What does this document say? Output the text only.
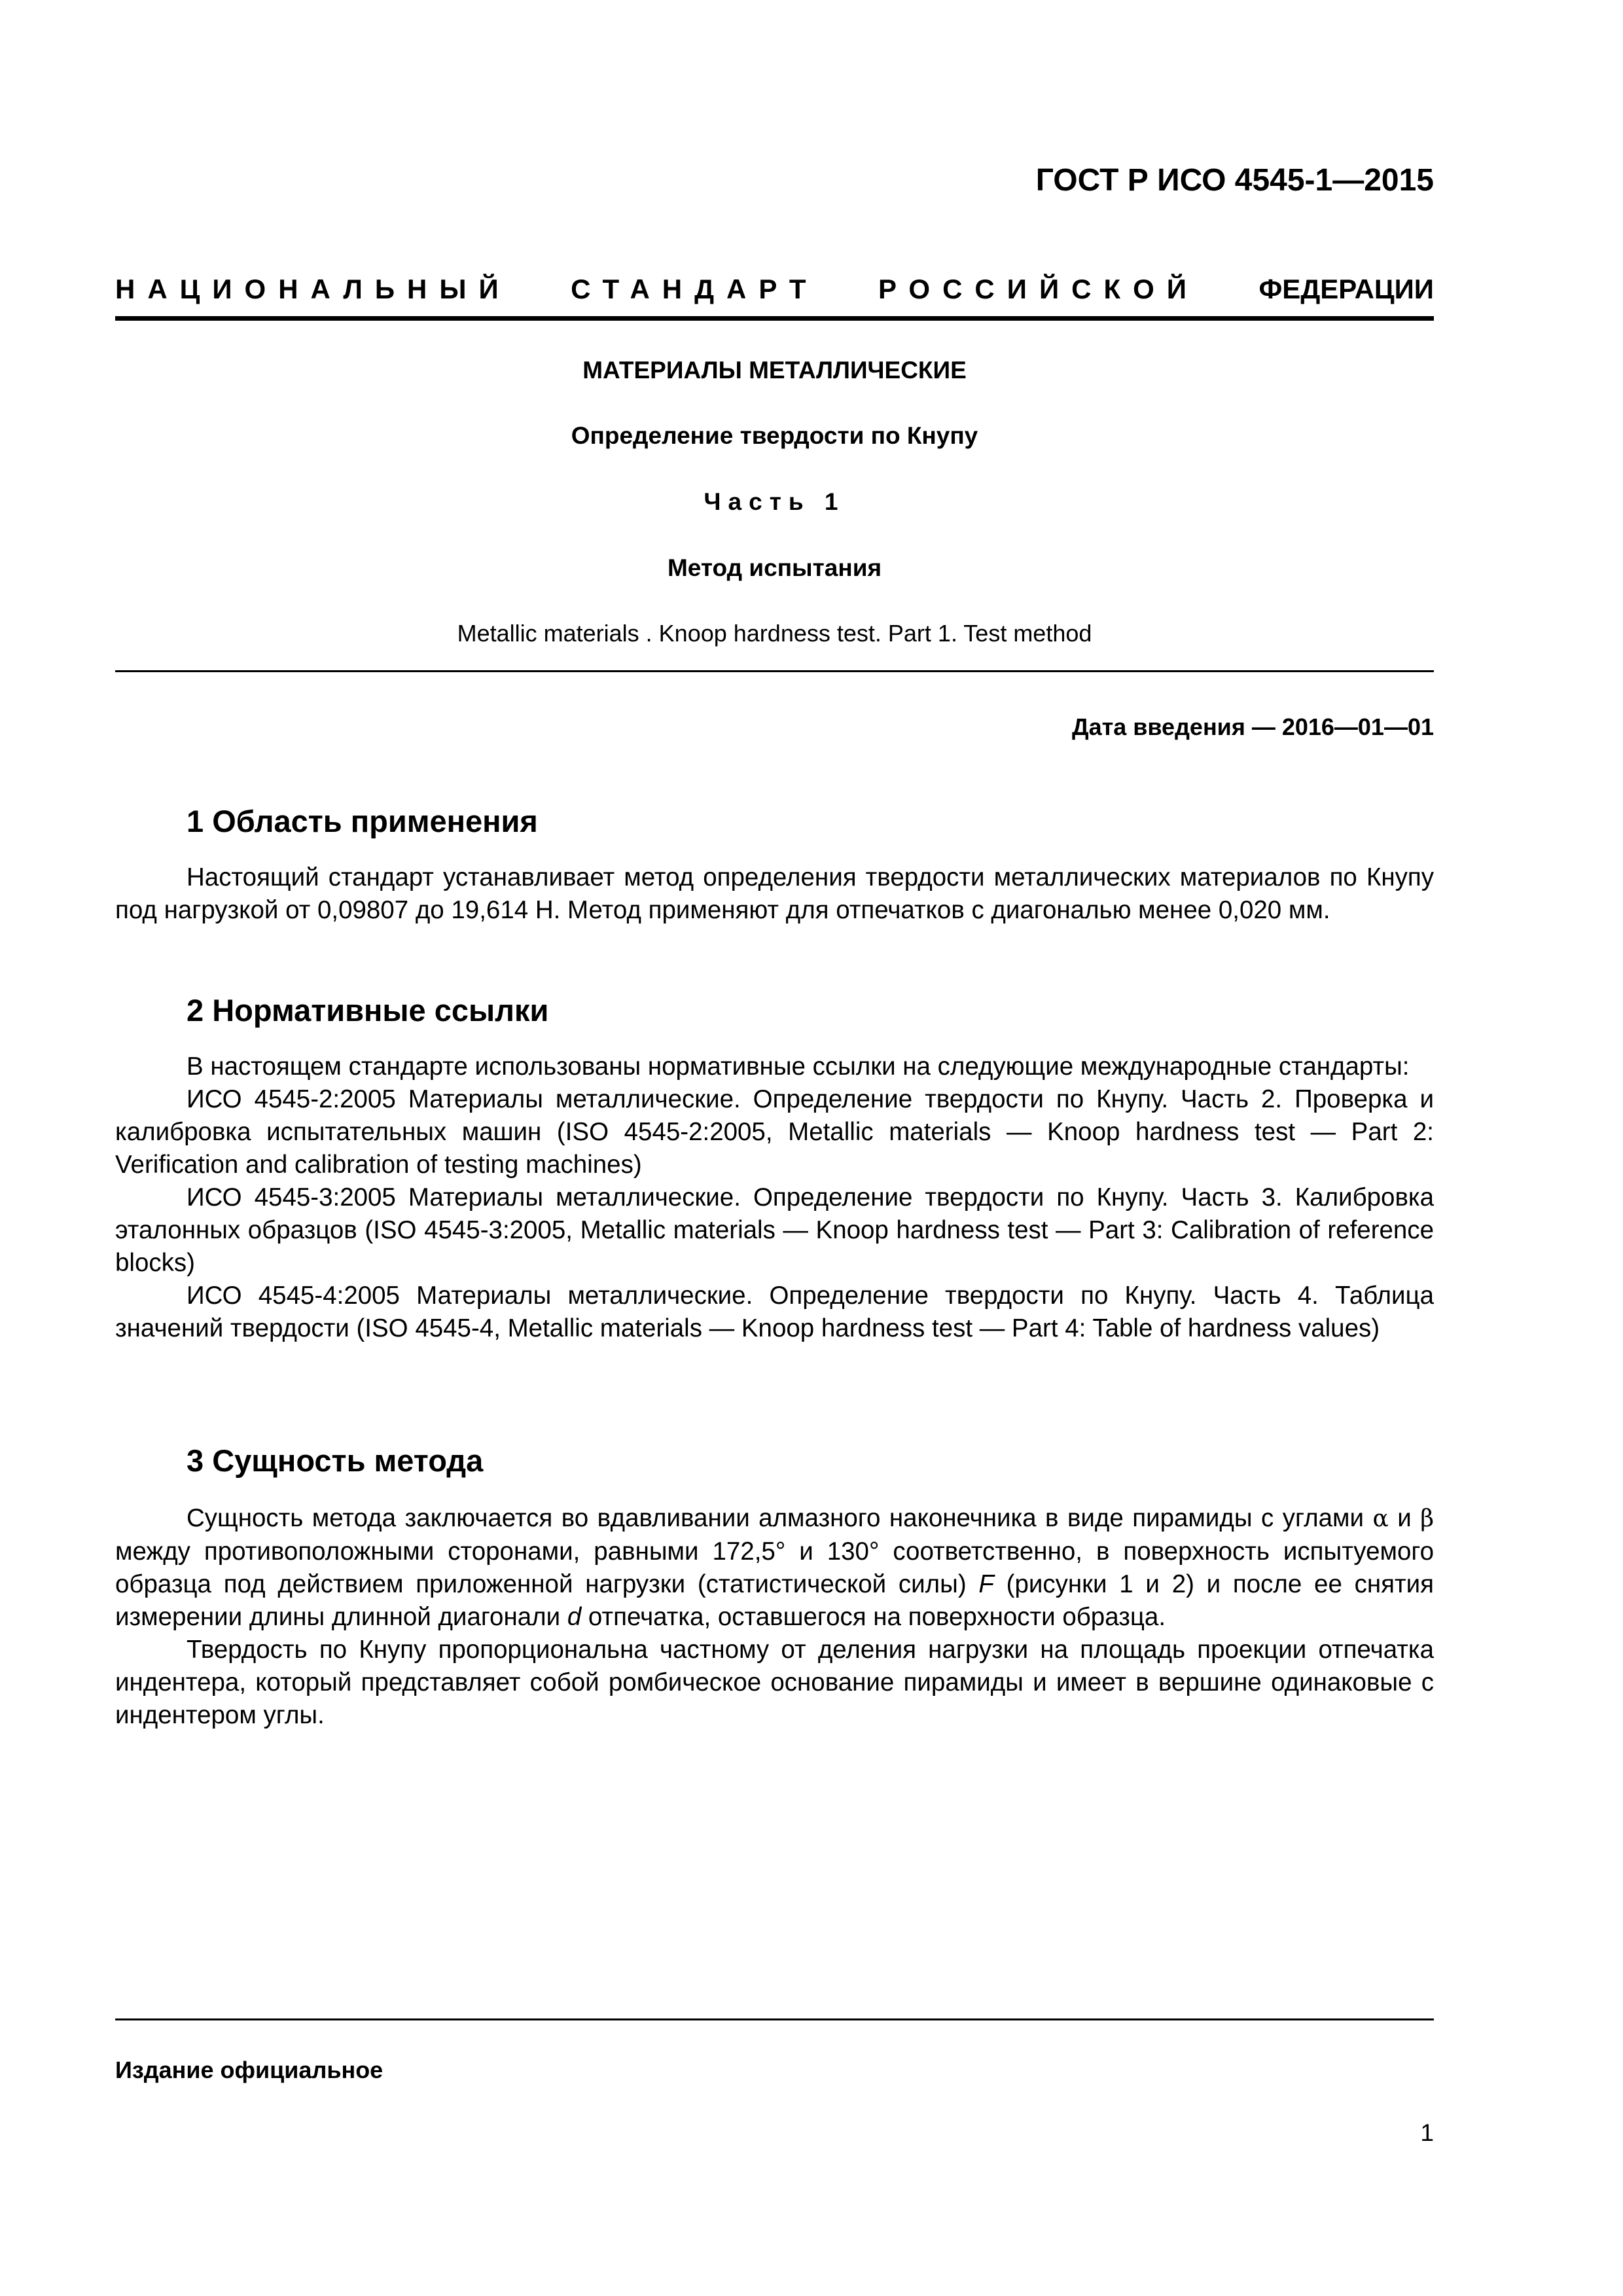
ГОСТ Р ИСО 4545-1—2015
НАЦИОНАЛЬНЫЙ СТАНДАРТ РОССИЙСКОЙ ФЕДЕРАЦИИ
МАТЕРИАЛЫ МЕТАЛЛИЧЕСКИЕ
Определение твердости по Кнупу
Часть 1
Метод испытания
Metallic materials . Knoop hardness test. Part 1. Test method
Дата введения — 2016—01—01
1 Область применения

Настоящий стандарт устанавливает метод определения твердости металлических материалов по Кнупу под нагрузкой от 0,09807 до 19,614 Н. Метод применяют для отпечатков с диагональю менее 0,020 мм.

2 Нормативные ссылки

В настоящем стандарте использованы нормативные ссылки на следующие международные стандарты:

ИСО 4545-2:2005 Материалы металлические. Определение твердости по Кнупу. Часть 2. Проверка и калибровка испытательных машин (ISO 4545-2:2005, Metallic materials — Knoop hardness test — Part 2: Verification and calibration of testing machines)

ИСО 4545-3:2005 Материалы металлические. Определение твердости по Кнупу. Часть 3. Калибровка эталонных образцов (ISO 4545-3:2005, Metallic materials — Knoop hardness test — Part 3: Calibration of reference blocks)

ИСО 4545-4:2005 Материалы металлические. Определение твердости по Кнупу. Часть 4. Таблица значений твердости (ISO 4545-4, Metallic materials — Knoop hardness test — Part 4: Table of hardness values)

3 Сущность метода

Сущность метода заключается во вдавливании алмазного наконечника в виде пирамиды с углами α и β между противоположными сторонами, равными 172,5° и 130° соответственно, в поверхность испытуемого образца под действием приложенной нагрузки (статистической силы) F (рисунки 1 и 2) и после ее снятия измерении длины длинной диагонали d отпечатка, оставшегося на поверхности образца.

Твердость по Кнупу пропорциональна частному от деления нагрузки на площадь проекции отпечатка индентера, который представляет собой ромбическое основание пирамиды и имеет в вершине одинаковые с индентером углы.

Издание официальное
1
